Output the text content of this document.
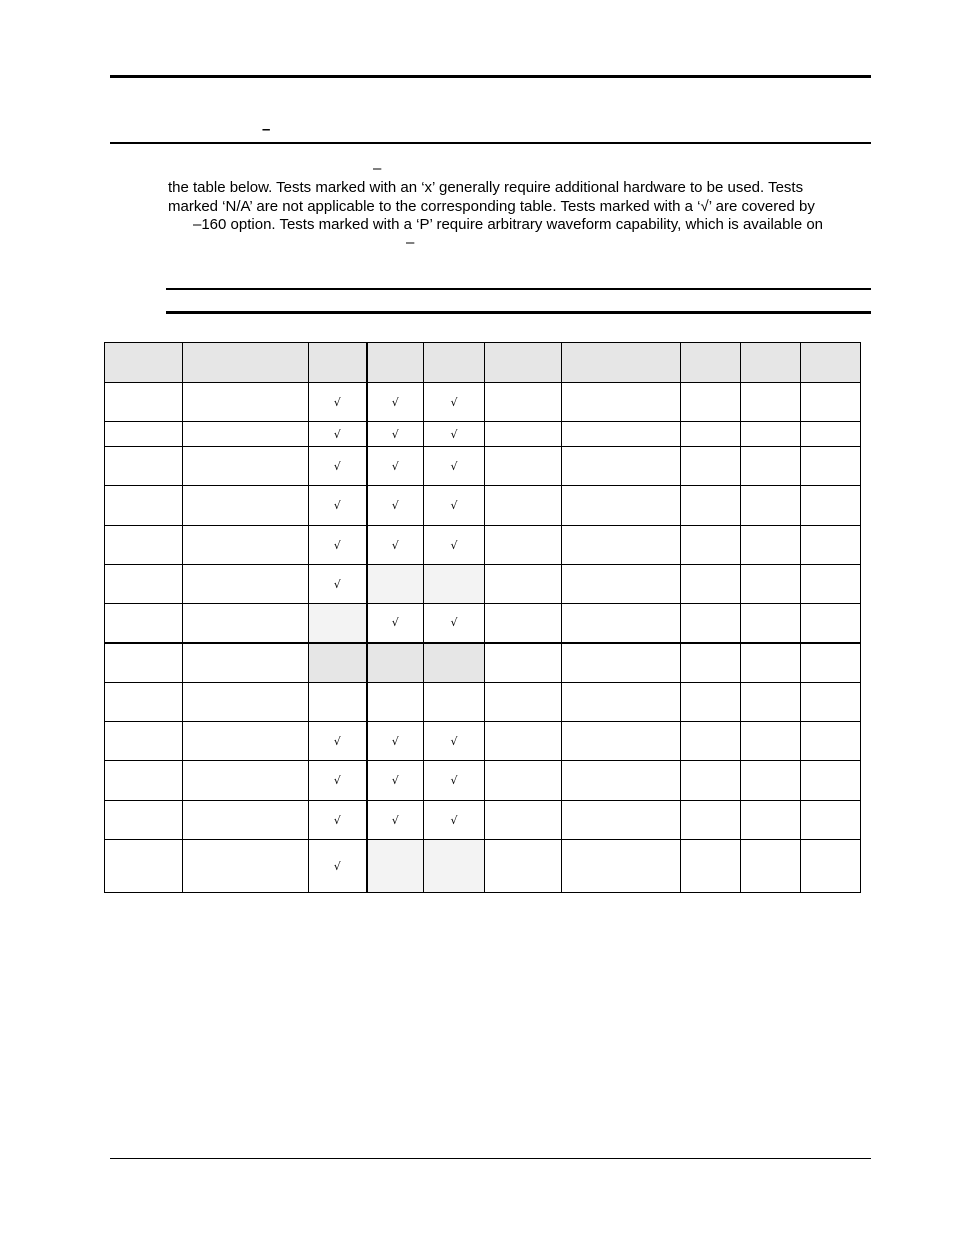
–
–
the table below. Tests marked with an ‘x’ generally require additional hardware to be used. Tests
marked ‘N/A’ are not applicable to the corresponding table. Tests marked with a ‘√’ are covered by
–160 option. Tests marked with a ‘P’ require arbitrary waveform capability, which is available on
–

		√	√	√					
		√	√	√					
		√	√	√					
		√	√	√					
		√	√	√					
		√							
			√	√					

		√	√	√					
		√	√	√					
		√	√	√					
		√							
